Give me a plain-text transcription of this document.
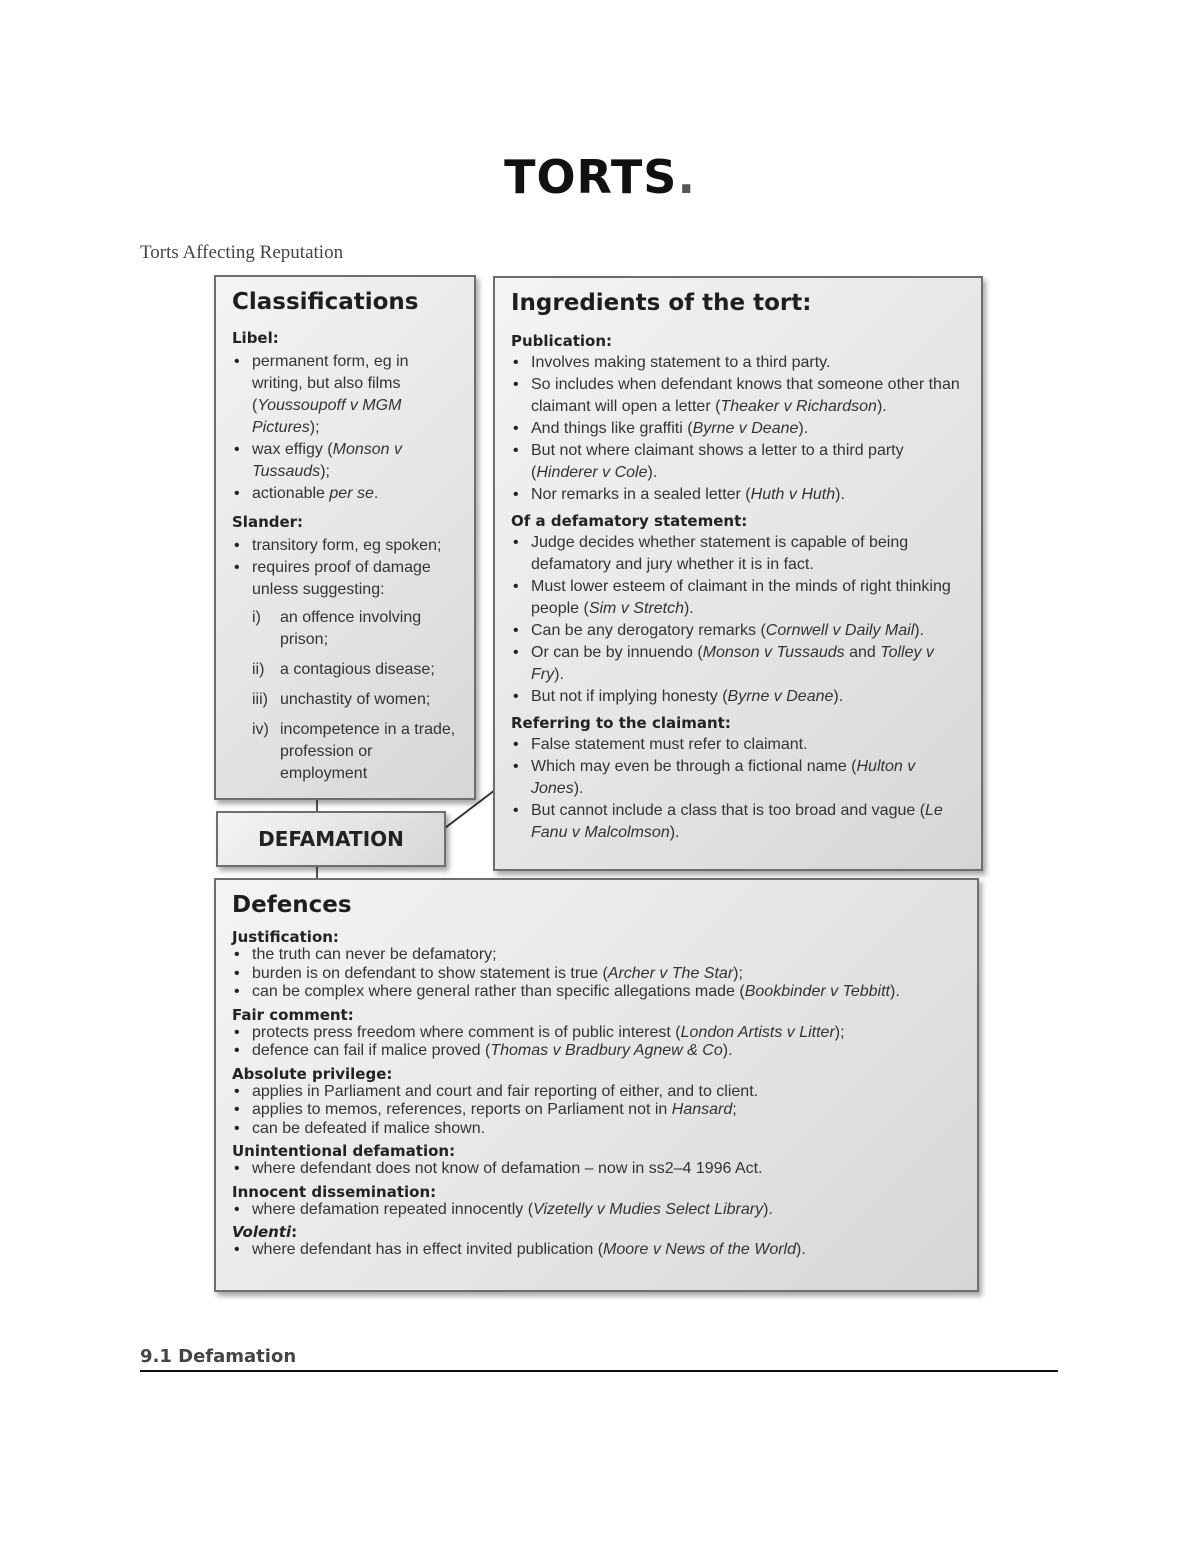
TORTS.
Torts Affecting Reputation
Classifications
Libel:
• permanent form, eg in writing, but also films (Youssoupoff v MGM Pictures);
• wax effigy (Monson v Tussauds);
• actionable per se.
Slander:
• transitory form, eg spoken;
• requires proof of damage unless suggesting:
i) an offence involving prison;
ii) a contagious disease;
iii) unchastity of women;
iv) incompetence in a trade, profession or employment
DEFAMATION
Ingredients of the tort:
Publication:
• Involves making statement to a third party.
• So includes when defendant knows that someone other than claimant will open a letter (Theaker v Richardson).
• And things like graffiti (Byrne v Deane).
• But not where claimant shows a letter to a third party (Hinderer v Cole).
• Nor remarks in a sealed letter (Huth v Huth).
Of a defamatory statement:
• Judge decides whether statement is capable of being defamatory and jury whether it is in fact.
• Must lower esteem of claimant in the minds of right thinking people (Sim v Stretch).
• Can be any derogatory remarks (Cornwell v Daily Mail).
• Or can be by innuendo (Monson v Tussauds and Tolley v Fry).
• But not if implying honesty (Byrne v Deane).
Referring to the claimant:
• False statement must refer to claimant.
• Which may even be through a fictional name (Hulton v Jones).
• But cannot include a class that is too broad and vague (Le Fanu v Malcolmson).
Defences
Justification:
• the truth can never be defamatory;
• burden is on defendant to show statement is true (Archer v The Star);
• can be complex where general rather than specific allegations made (Bookbinder v Tebbitt).
Fair comment:
• protects press freedom where comment is of public interest (London Artists v Litter);
• defence can fail if malice proved (Thomas v Bradbury Agnew & Co).
Absolute privilege:
• applies in Parliament and court and fair reporting of either, and to client.
• applies to memos, references, reports on Parliament not in Hansard;
• can be defeated if malice shown.
Unintentional defamation:
• where defendant does not know of defamation – now in ss2–4 1996 Act.
Innocent dissemination:
• where defamation repeated innocently (Vizetelly v Mudies Select Library).
Volenti:
• where defendant has in effect invited publication (Moore v News of the World).
9.1 Defamation
